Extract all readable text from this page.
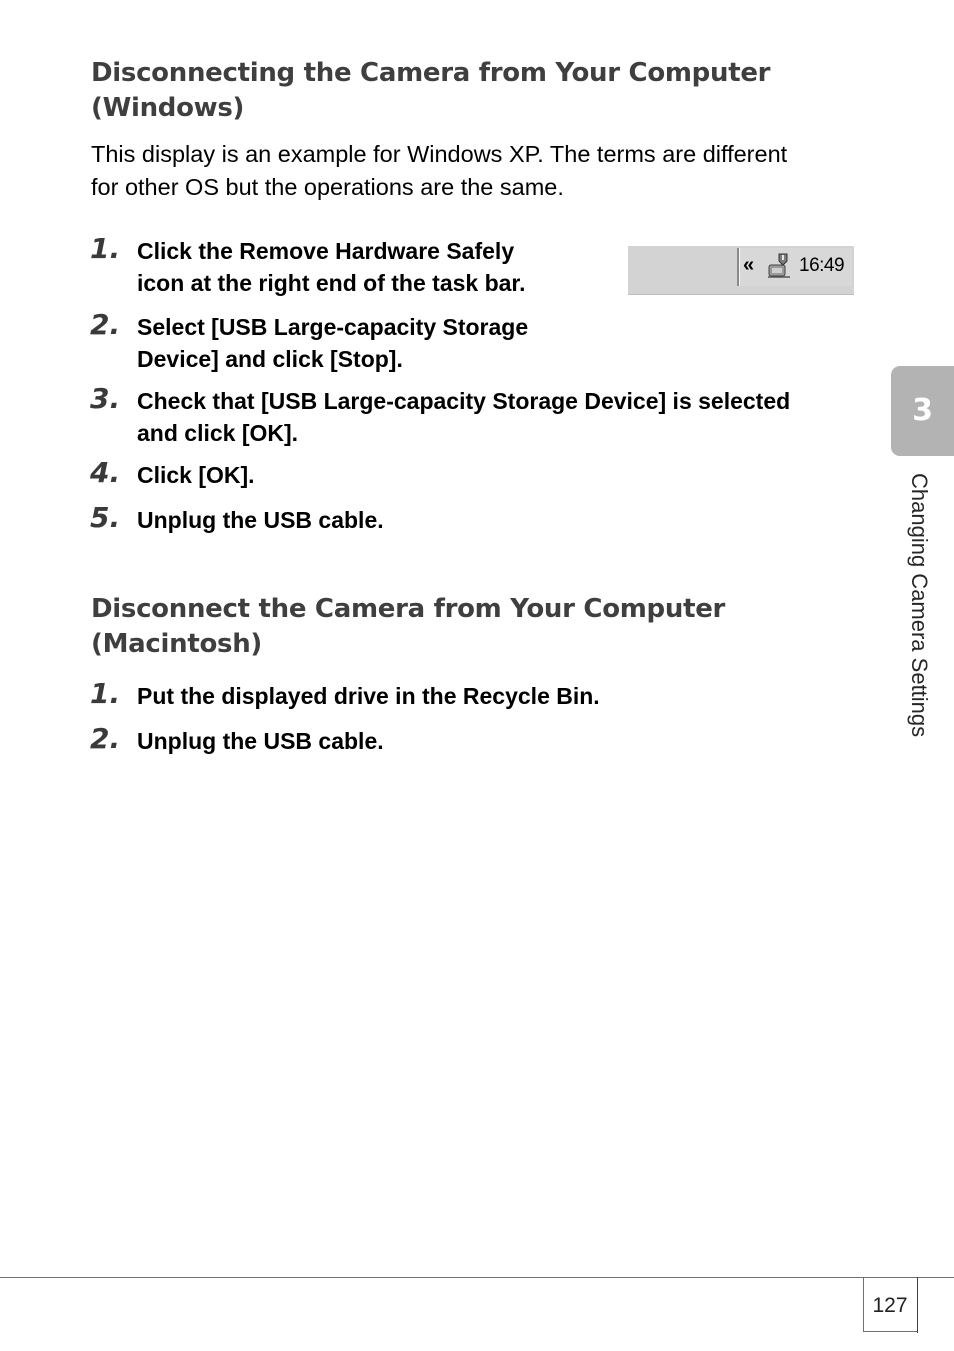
Disconnecting the Camera from Your Computer
(Windows)

This display is an example for Windows XP. The terms are different
for other OS but the operations are the same.

1. Click the Remove Hardware Safely
icon at the right end of the task bar.

« 16:49
2. Select [USB Large-capacity Storage
Device] and click [Stop].

3. Check that [USB Large-capacity Storage Device] is selected
and click [OK].

4. Click [OK].

5. Unplug the USB cable.

Disconnect the Camera from Your Computer
(Macintosh)
1. Put the displayed drive in the Recycle Bin.

2. Unplug the USB cable.

3
Changing Camera Settings
127
